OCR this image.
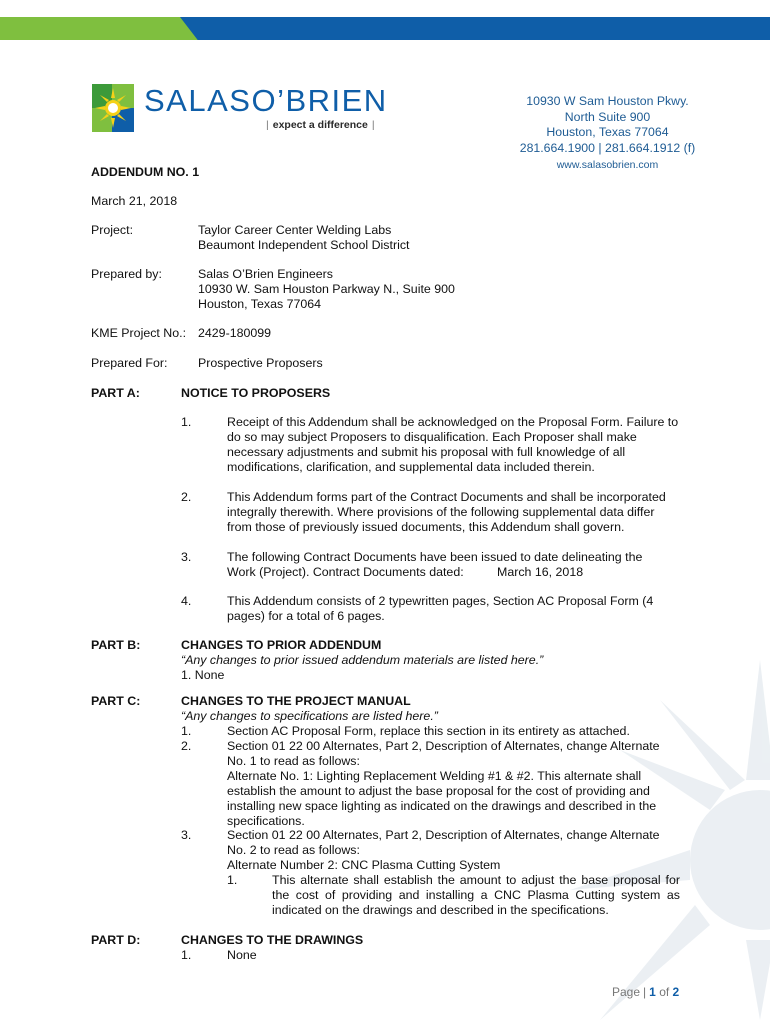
SALASO’BRIEN
| expect a difference |
10930 W Sam Houston Pkwy.
North Suite 900
Houston, Texas 77064
281.664.1900 | 281.664.1912 (f)
www.salasobrien.com
ADDENDUM NO. 1
March 21, 2018
Project:	Taylor Career Center Welding Labs
Beaumont Independent School District
Prepared by:	Salas O’Brien Engineers
10930 W. Sam Houston Parkway N., Suite 900
Houston, Texas 77064
KME Project No.: 2429-180099
Prepared For: Prospective Proposers
PART A:	NOTICE TO PROPOSERS
1.	Receipt of this Addendum shall be acknowledged on the Proposal Form. Failure to do so may subject Proposers to disqualification. Each Proposer shall make necessary adjustments and submit his proposal with full knowledge of all modifications, clarification, and supplemental data included therein.
2.	This Addendum forms part of the Contract Documents and shall be incorporated integrally therewith. Where provisions of the following supplemental data differ from those of previously issued documents, this Addendum shall govern.
3.	The following Contract Documents have been issued to date delineating the
Work (Project). Contract Documents dated:	March 16, 2018
4.	This Addendum consists of 2 typewritten pages, Section AC Proposal Form (4 pages) for a total of 6 pages.
PART B:	CHANGES TO PRIOR ADDENDUM
“Any changes to prior issued addendum materials are listed here.”
1. None
PART C:	CHANGES TO THE PROJECT MANUAL
“Any changes to specifications are listed here.”
1.	Section AC Proposal Form, replace this section in its entirety as attached.
2.	Section 01 22 00 Alternates, Part 2, Description of Alternates, change Alternate No. 1 to read as follows:
Alternate No. 1: Lighting Replacement Welding #1 & #2. This alternate shall establish the amount to adjust the base proposal for the cost of providing and installing new space lighting as indicated on the drawings and described in the specifications.
3.	Section 01 22 00 Alternates, Part 2, Description of Alternates, change Alternate No. 2 to read as follows:
Alternate Number 2: CNC Plasma Cutting System
1.	This alternate shall establish the amount to adjust the base proposal for the cost of providing and installing a CNC Plasma Cutting system as indicated on the drawings and described in the specifications.
PART D:	CHANGES TO THE DRAWINGS
1.	None
Page | 1 of 2
